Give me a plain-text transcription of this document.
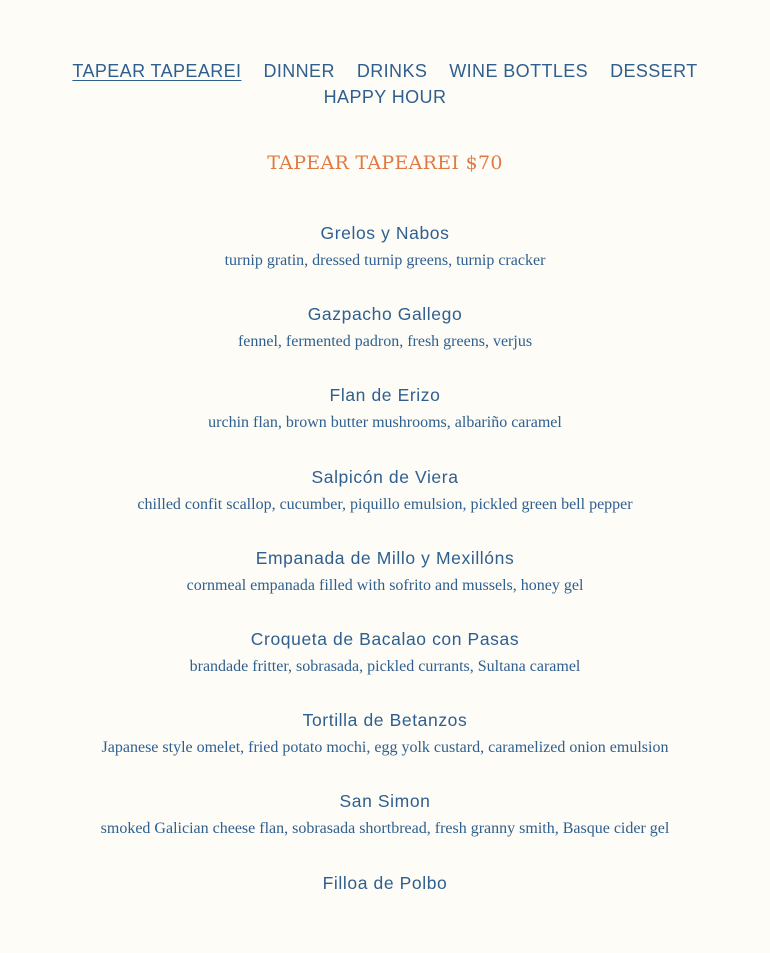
TAPEAR TAPEAREI DINNER DRINKS WINE BOTTLES DESSERT
HAPPY HOUR
TAPEAR TAPEAREI $70
Grelos y Nabos
turnip gratin, dressed turnip greens, turnip cracker
Gazpacho Gallego
fennel, fermented padron, fresh greens, verjus
Flan de Erizo
urchin flan, brown butter mushrooms, albariño caramel
Salpicón de Viera
chilled confit scallop, cucumber, piquillo emulsion, pickled green bell pepper
Empanada de Millo y Mexillóns
cornmeal empanada filled with sofrito and mussels, honey gel
Croqueta de Bacalao con Pasas
brandade fritter, sobrasada, pickled currants, Sultana caramel
Tortilla de Betanzos
Japanese style omelet, fried potato mochi, egg yolk custard, caramelized onion emulsion
San Simon
smoked Galician cheese flan, sobrasada shortbread, fresh granny smith, Basque cider gel
Filloa de Polbo
